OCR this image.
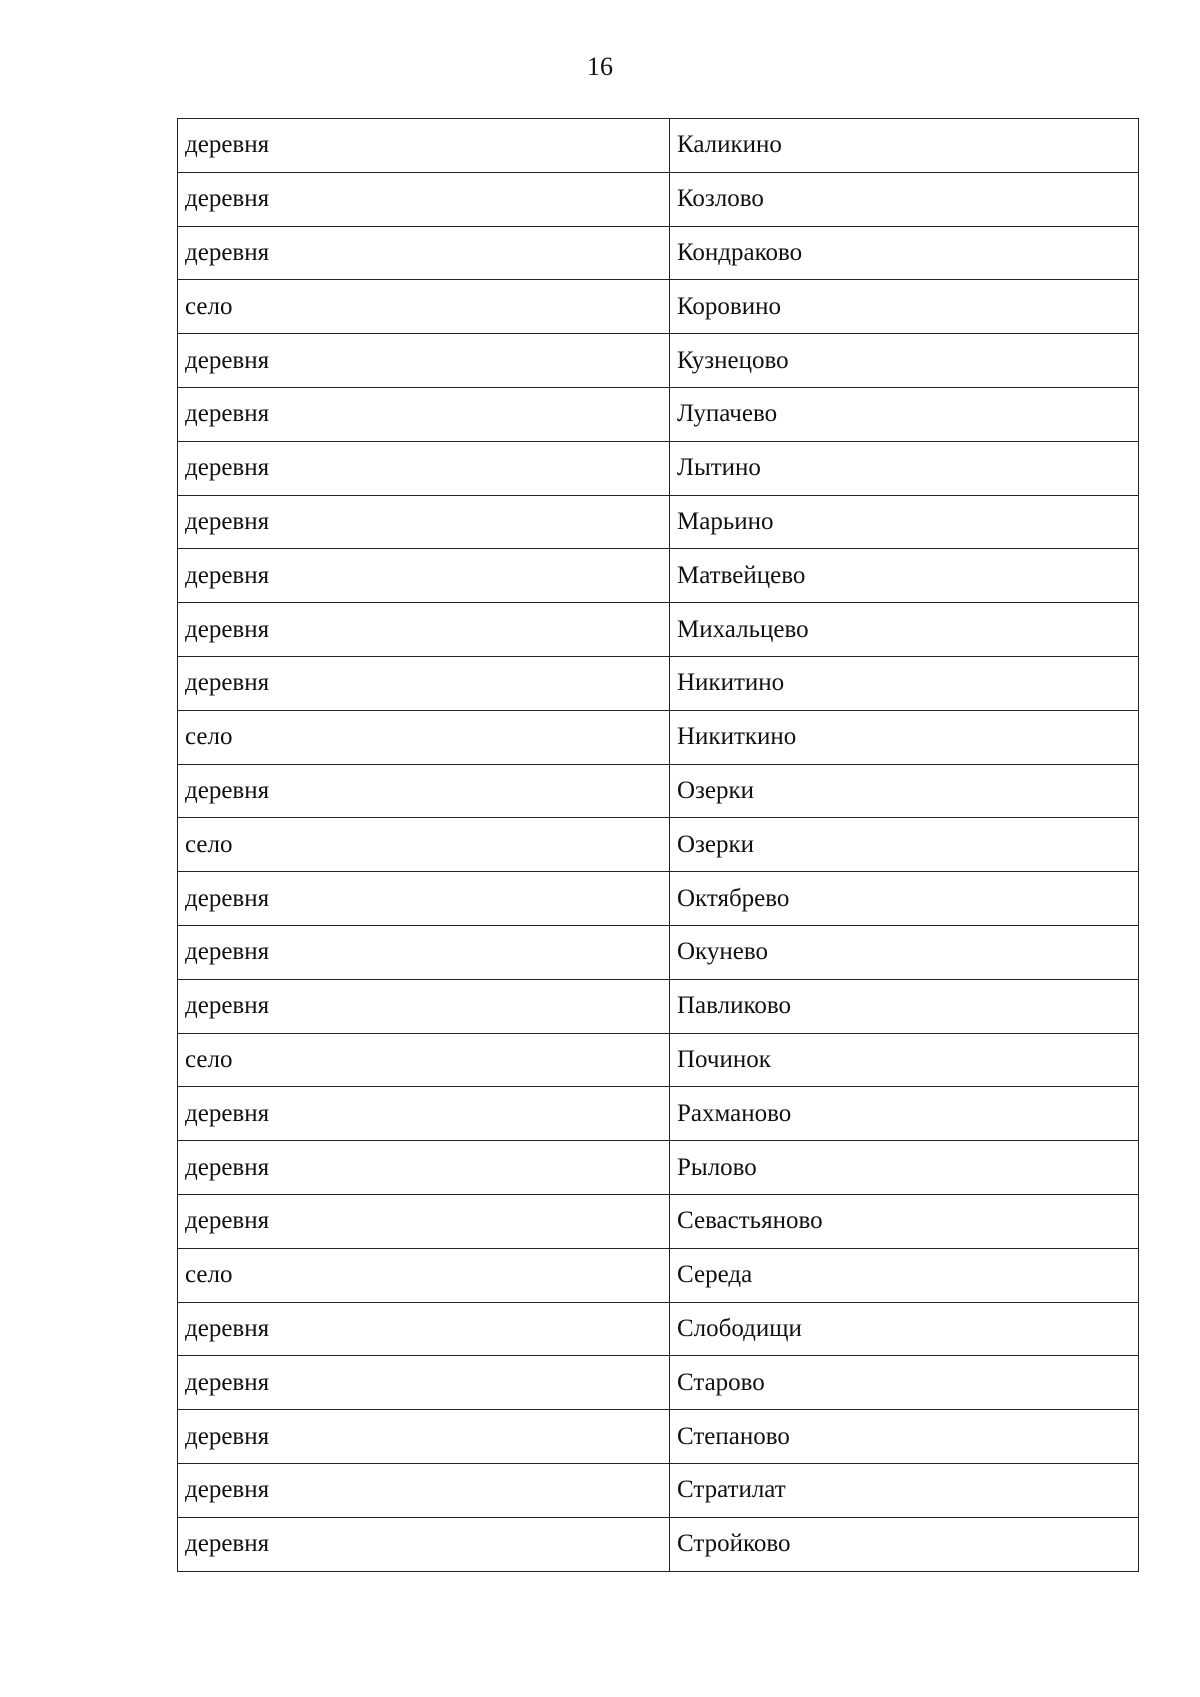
16
деревня	Каликино
деревня	Козлово
деревня	Кондраково
село	Коровино
деревня	Кузнецово
деревня	Лупачево
деревня	Лытино
деревня	Марьино
деревня	Матвейцево
деревня	Михальцево
деревня	Никитино
село	Никиткино
деревня	Озерки
село	Озерки
деревня	Октябрево
деревня	Окунево
деревня	Павликово
село	Починок
деревня	Рахманово
деревня	Рылово
деревня	Севастьяново
село	Середа
деревня	Слободищи
деревня	Старово
деревня	Степаново
деревня	Стратилат
деревня	Стройково
